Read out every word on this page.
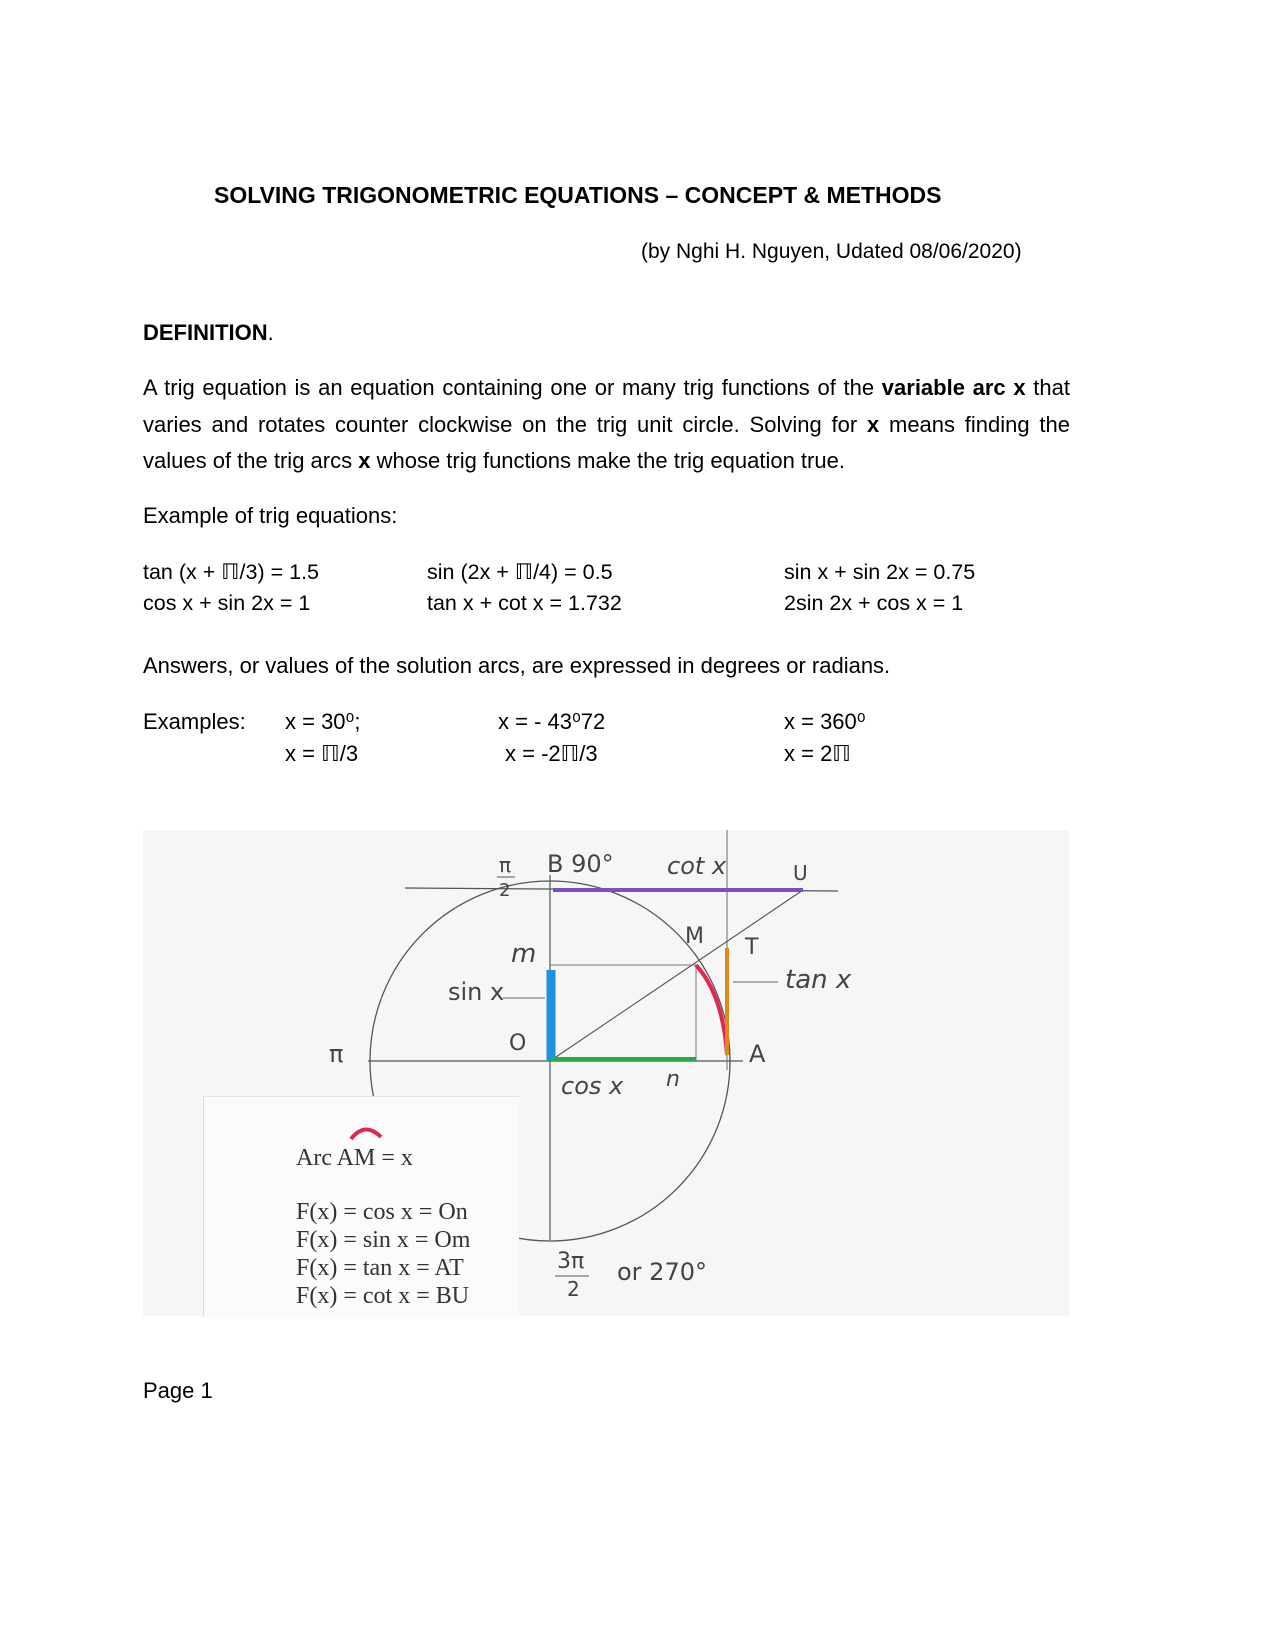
SOLVING TRIGONOMETRIC EQUATIONS – CONCEPT & METHODS
(by Nghi H. Nguyen, Udated 08/06/2020)
DEFINITION.
A trig equation is an equation containing one or many trig functions of the variable arc x that varies and rotates counter clockwise on the trig unit circle. Solving for x means finding the values of the trig arcs x whose trig functions make the trig equation true.
Example of trig equations:
tan (x + ℿ/3) = 1.5	sin (2x + ℿ/4) = 0.5	sin x + sin 2x = 0.75
cos x + sin 2x = 1	tan x + cot x = 1.732	2sin 2x + cos x = 1
Answers, or values of the solution arcs, are expressed in degrees or radians.
Examples: x = 30⁰;	x = - 43⁰72	x = 360⁰
x = ℿ/3	x = -2ℿ/3	x = 2ℿ
π
2
B 90° cot x	U
M T
m
sin x	tan x
O	A
π
cos x n
3π
2
or 270°
Arc AM = x
F(x) = cos x = On
F(x) = sin x = Om
F(x) = tan x = AT
F(x) = cot x = BU
Page 1
